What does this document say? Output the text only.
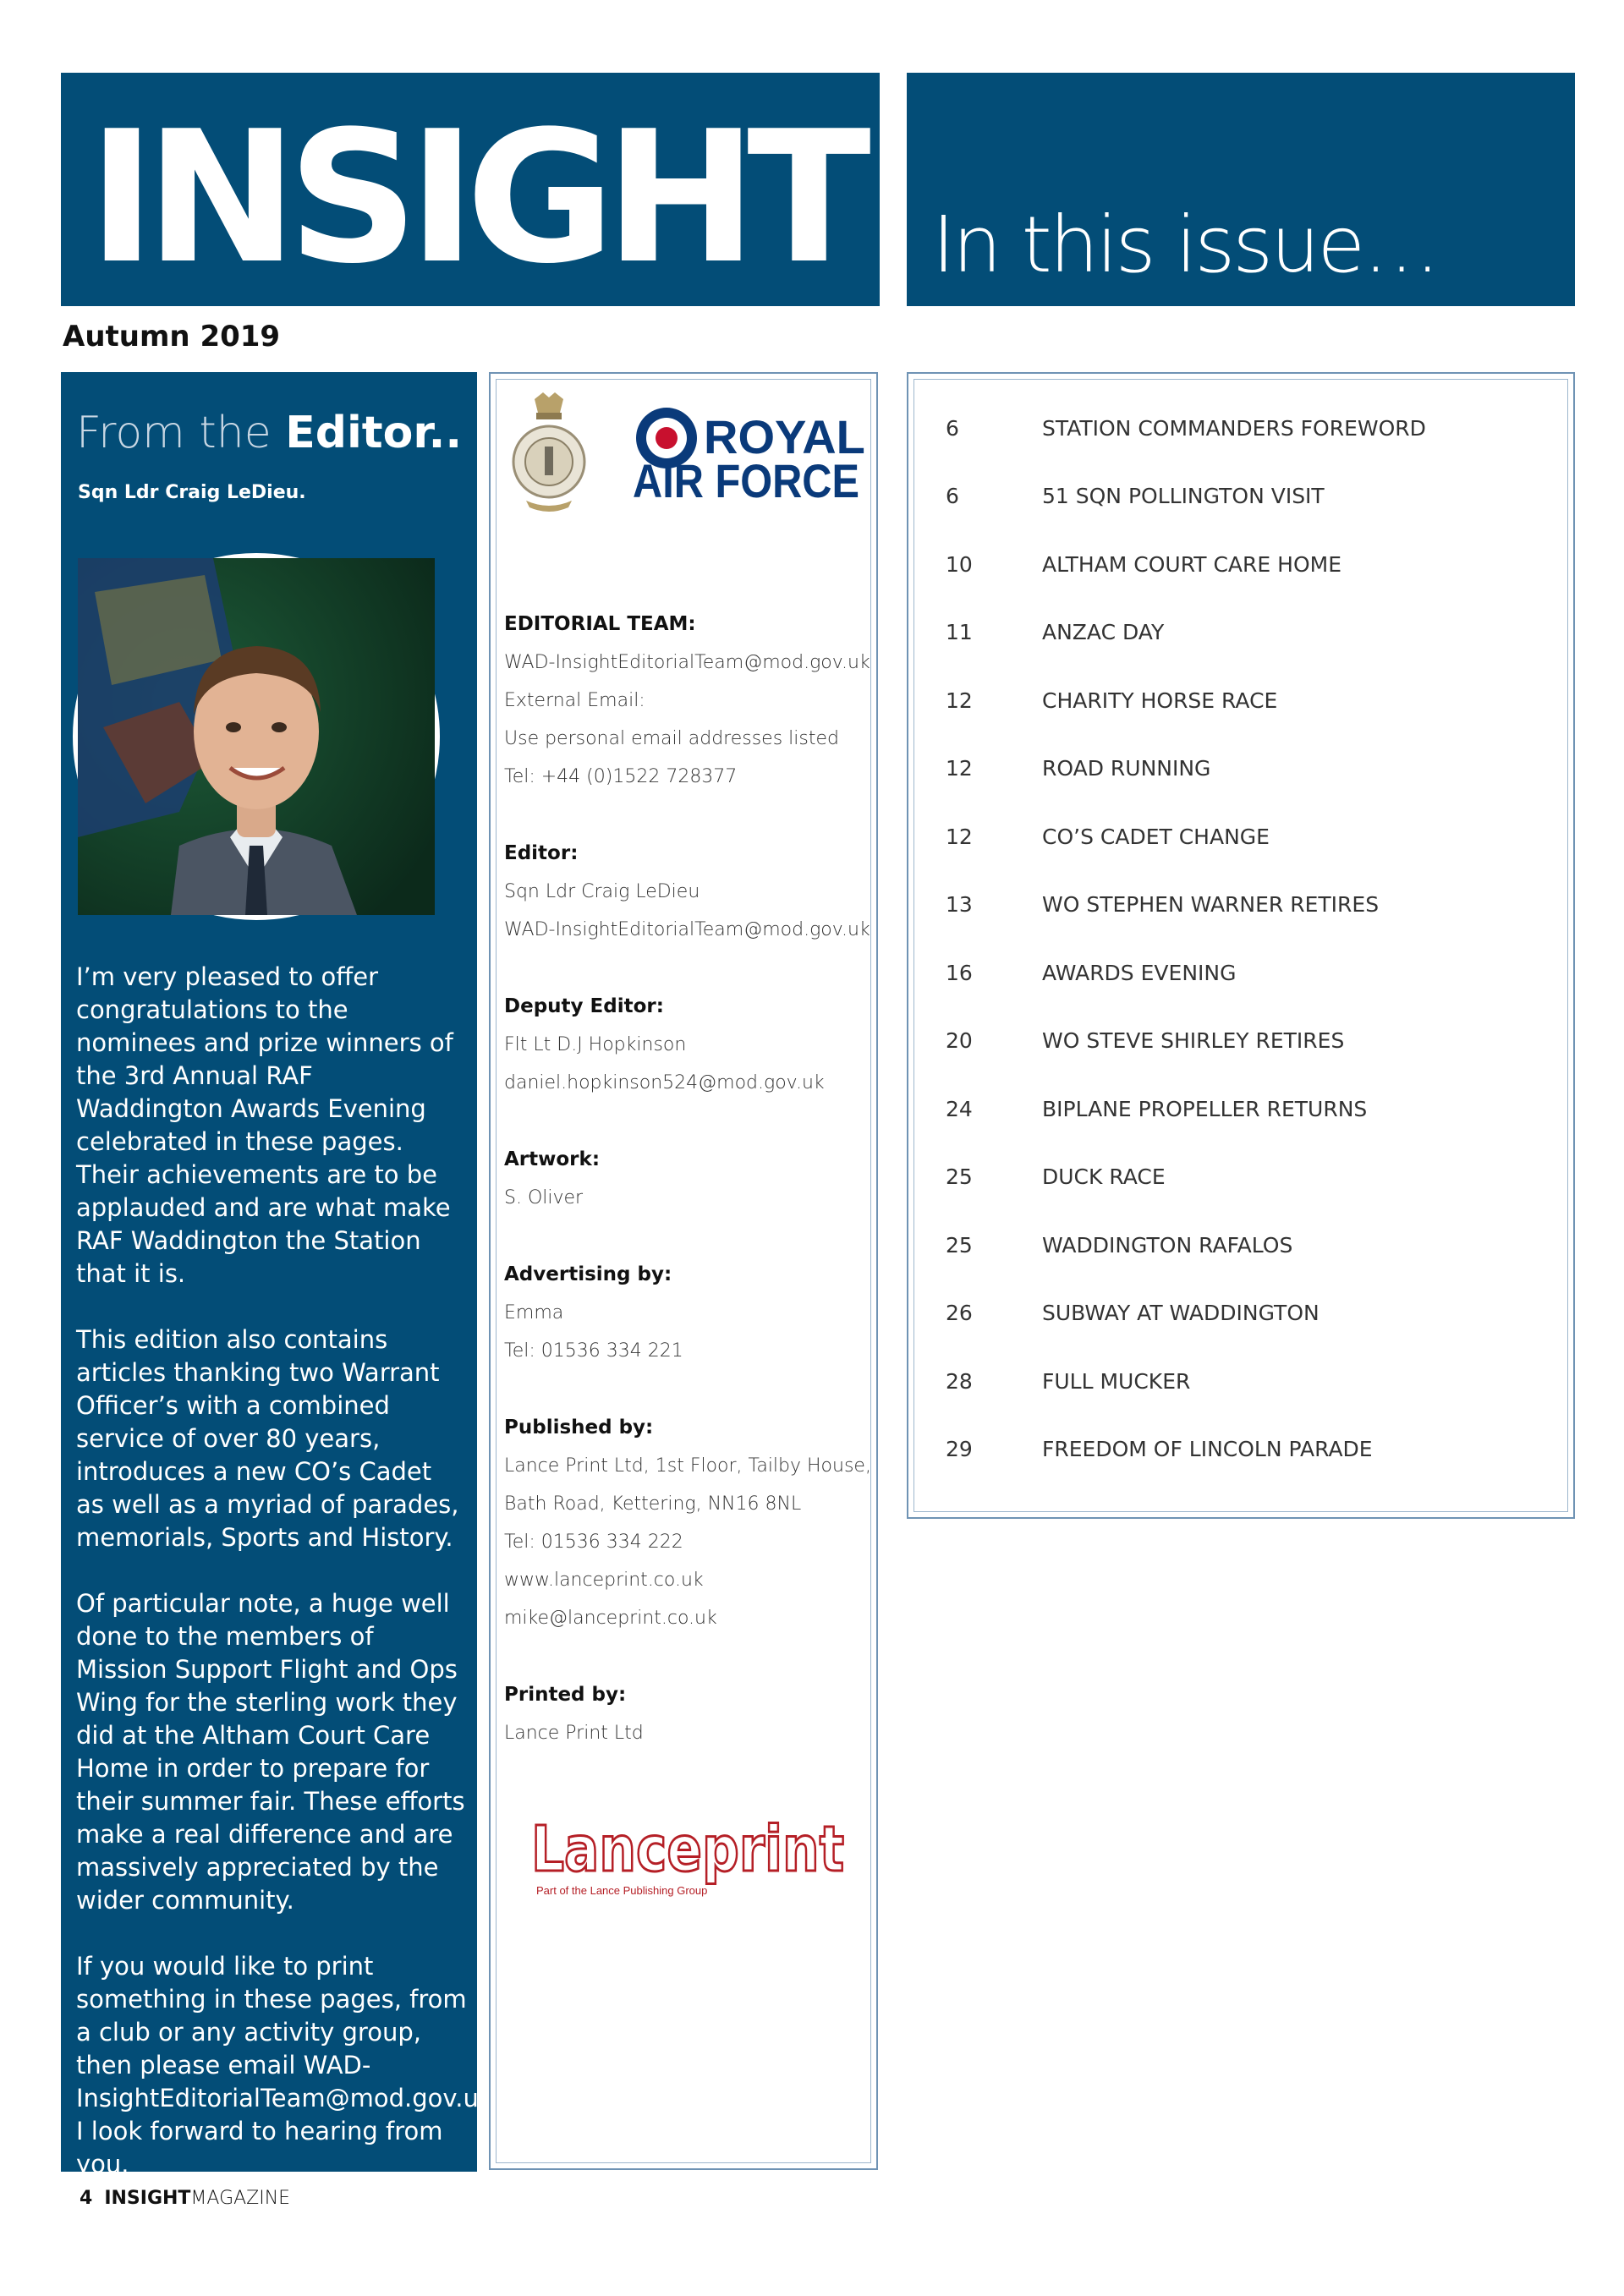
INSIGHT In this issue…
Autumn 2019
From the Editor..
Sqn Ldr Craig LeDieu.

I’m very pleased to offer congratulations to the nominees and prize winners of the 3rd Annual RAF Waddington Awards Evening celebrated in these pages. Their achievements are to be applauded and are what make RAF Waddington the Station that it is.

This edition also contains articles thanking two Warrant Officer’s with a combined service of over 80 years, introduces a new CO’s Cadet as well as a myriad of parades, memorials, Sports and History.

Of particular note, a huge well done to the members of Mission Support Flight and Ops Wing for the sterling work they did at the Altham Court Care Home in order to prepare for their summer fair. These efforts make a real difference and are massively appreciated by the wider community.

If you would like to print something in these pages, from a club or any activity group, then please email WAD-InsightEditorialTeam@mod.gov.uk. I look forward to hearing from you.

ROYAL
AIR FORCE
EDITORIAL TEAM:
WAD-InsightEditorialTeam@mod.gov.uk
External Email:
Use personal email addresses listed
Tel: +44 (0)1522 728377
Editor:
Sqn Ldr Craig LeDieu
WAD-InsightEditorialTeam@mod.gov.uk
Deputy Editor:
Flt Lt D.J Hopkinson
daniel.hopkinson524@mod.gov.uk
Artwork:
S. Oliver
Advertising by:
Emma
Tel: 01536 334 221
Published by:
Lance Print Ltd, 1st Floor, Tailby House,
Bath Road, Kettering, NN16 8NL
Tel: 01536 334 222
www.lanceprint.co.uk
mike@lanceprint.co.uk
Printed by:
Lance Print Ltd
Lanceprint
Part of the Lance Publishing Group
6	STATION COMMANDERS FOREWORD
6	51 SQN POLLINGTON VISIT
10	ALTHAM COURT CARE HOME
11	ANZAC DAY
12	CHARITY HORSE RACE
12	ROAD RUNNING
12	CO’S CADET CHANGE
13	WO STEPHEN WARNER RETIRES
16	AWARDS EVENING
20	WO STEVE SHIRLEY RETIRES
24	BIPLANE PROPELLER RETURNS
25	DUCK RACE
25	WADDINGTON RAFALOS
26	SUBWAY AT WADDINGTON
28	FULL MUCKER
29	FREEDOM OF LINCOLN PARADE
4 INSIGHTMAGAZINE
